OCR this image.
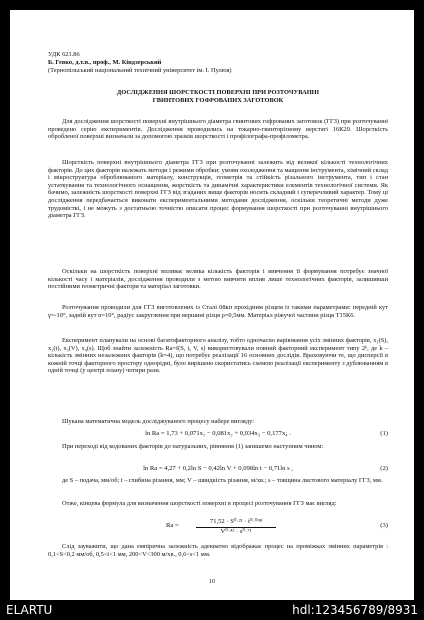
УДК 621.86
Б. Гевко, д.т.н., проф., М. Кіндзерський
(Тернопільський національний технічний університет ім. І. Пулюя)
ДОСЛІДЖЕННЯ ШОРСТКОСТІ ПОВЕРХНІ ПРИ РОЗТОЧУВАННІ
ГВИНТОВИХ ГОФРОВАНИХ ЗАГОТОВОК
Для дослідження шорсткості поверхні внутрішнього діаметра гвинтових гофрованих заготовок (ГГЗ) при розточуванні проведено серію експериментів. Дослідження проводились на токарно-гвинторізному верстаті 16К20. Шорсткість обробленої поверхні визначали за допомогою зразків шорсткості і профілографа-профілометра.
Шорсткість поверхні внутрішнього діаметра ГГЗ при розточуванні залежить від великої кількості технологічних факторів. До цих факторів належать методи і режими обробки: умови охолодження та мащення інструмента, хімічний склад і мікроструктура оброблюваного матеріалу, конструкція, геометрія та стійкість різального інструмента, тип і стан устаткування та технологічного оснащення, жорсткість та динамічні характеристики елементів технологічної системи. Як бачимо, залежність шорсткості поверхні ГГЗ від згаданих вище факторів носить складний і суперечливий характер. Тому ці дослідження передбачається виконати експериментальними методами дослідження, оскільки теоретичні методи дуже трудомісткі, і не можуть з достатньою точністю описати процес формування шорсткості при розточуванні внутрішнього діаметра ГГЗ.
Оскільки на шорсткість поверхні впливає велика кількість факторів і вивчення її формування потребує значної кількості часу і матеріалів, дослідження проводили з метою вивчити вплив лише технологічних факторів, залишивши постійними геометричні фактори та матеріал заготовки.
Розточування проводили для ГГЗ виготовлених із Сталі 08кп прохідним різцем із такими параметрами: передній кут γ=-10°, задній кут α=10°, радіус закруглення при вершині різця ρ=0,5мм. Матеріал ріжучої частини різця Т15К6.
Експеримент планували на основі багатофакторного аналізу, тобто одночасно варіювання усіх змінних факторів, x₁(S), x₂(t), x₃(V), x₄(s). Щоб знайти залежність Ra=f(S, t, V, s) використовували повний факторний експеримент типу 2ᵏ, де k – кількість змінних незалежних факторів (k=4), що потребує реалізації 16 основних дослідів. Враховуючи те, що дисперсії в кожній точці факторного простору однорідні, було вирішено скористатись схемою реалізації експерименту з дублюванням в одній точці (у центрі плану) чотири рази.
Шукана математична модель досліджуваного процесу набере вигляду:
ln Ra = 1,73 + 0,071x₁ − 0,081x₂ + 0,034x₃ − 0,177x₄ .	(1)
При переході від кодованих факторів до натуральних, рівняння (1) запишемо наступним чином:
ln Ra = 4,27 + 0,2ln S − 0,42ln V + 0,098ln t − 0,71ln s ,	(2)
де S – подача, мм/об; t – глибина різання, мм; V – швидкість різання, м/хв.; s – товщина листового матеріалу ГГЗ, мм.
Отже, кінцева формула для визначення шорсткості поверхні в процесі розточування ГГЗ має вигляд:
Ra =	$\frac{\text{71,52 · S⁰·²¹ · t⁰·⁰⁹⁸}}{\text{V⁰·⁴² · s⁰·⁷¹}}$	(3)
Слід зауважити, що дана емпірична залежність адекватно відображає процес на проміжках змінних параметрів : 0,1<S<0,2 мм/об, 0,5<t<1 мм, 200<V<300 м/хв., 0,6<s<1 мм.
10
ELARTU	hdl:123456789/8931
